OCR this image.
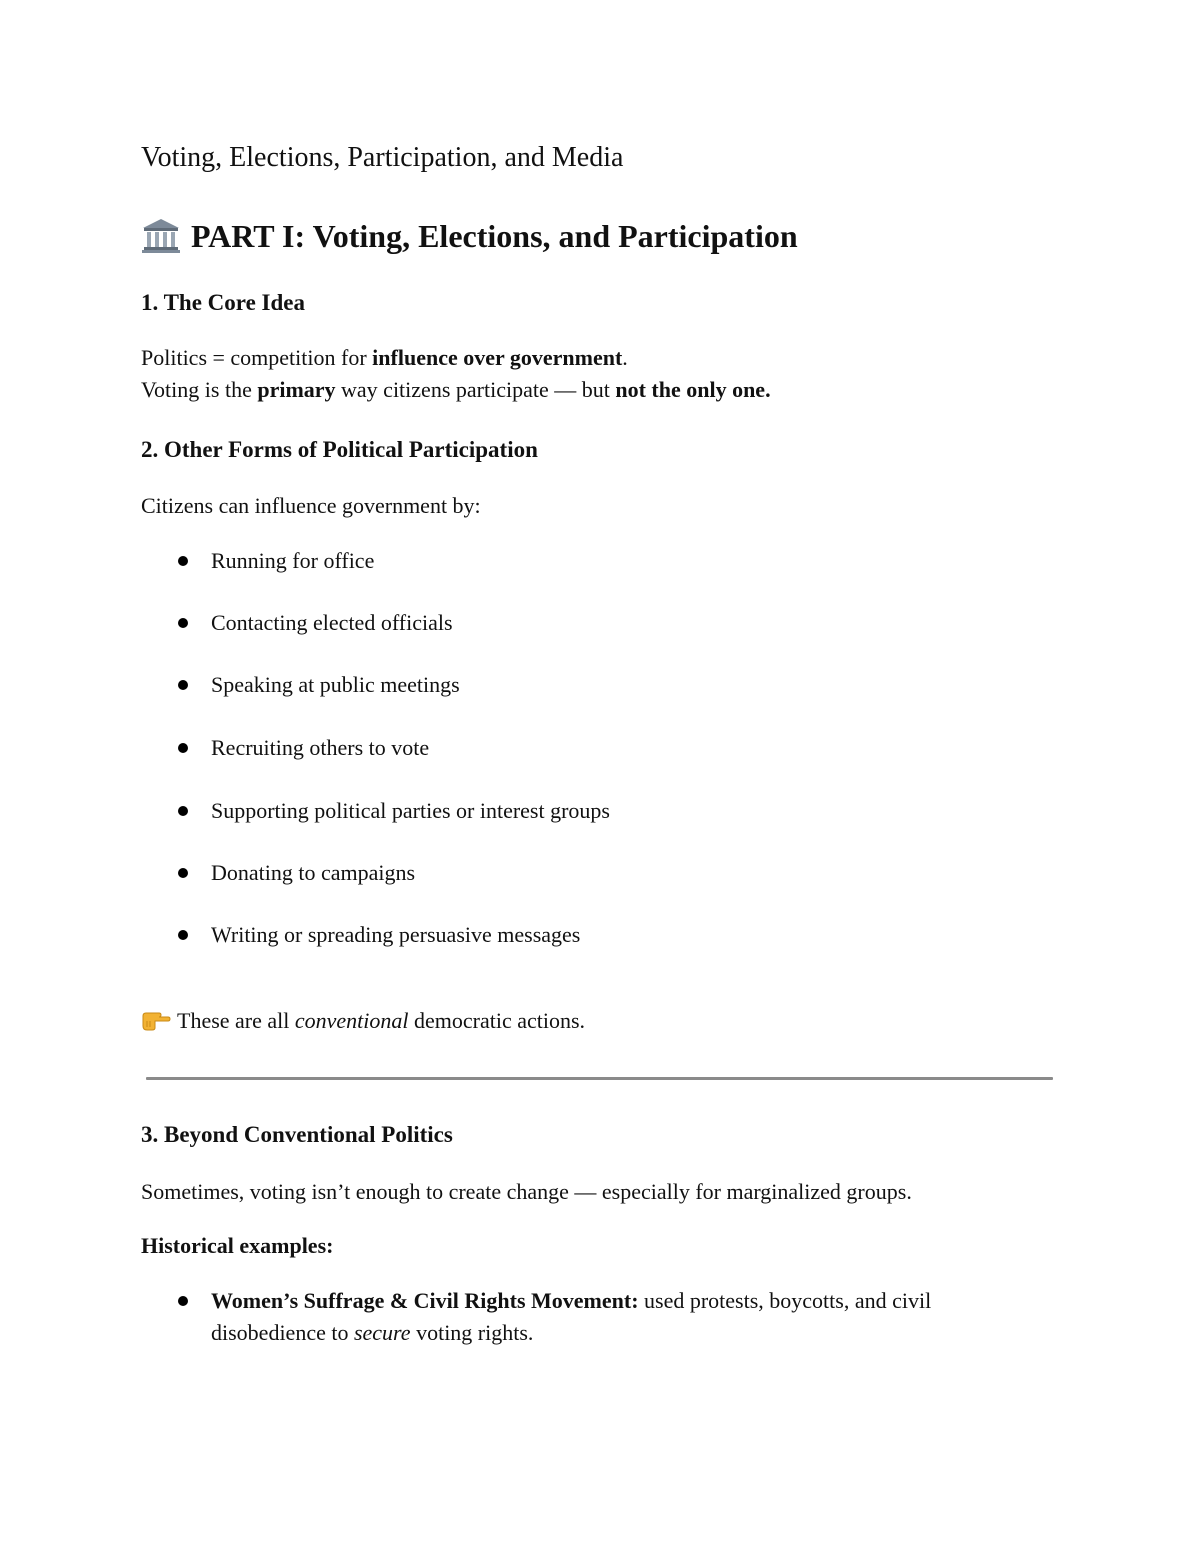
Voting, Elections, Participation, and Media
PART I: Voting, Elections, and Participation
1. The Core Idea
Politics = competition for influence over government.
Voting is the primary way citizens participate — but not the only one.
2. Other Forms of Political Participation
Citizens can influence government by:
Running for office
Contacting elected officials
Speaking at public meetings
Recruiting others to vote
Supporting political parties or interest groups
Donating to campaigns
Writing or spreading persuasive messages
These are all conventional democratic actions.
3. Beyond Conventional Politics
Sometimes, voting isn’t enough to create change — especially for marginalized groups.
Historical examples:
Women’s Suffrage & Civil Rights Movement: used protests, boycotts, and civil disobedience to secure voting rights.
